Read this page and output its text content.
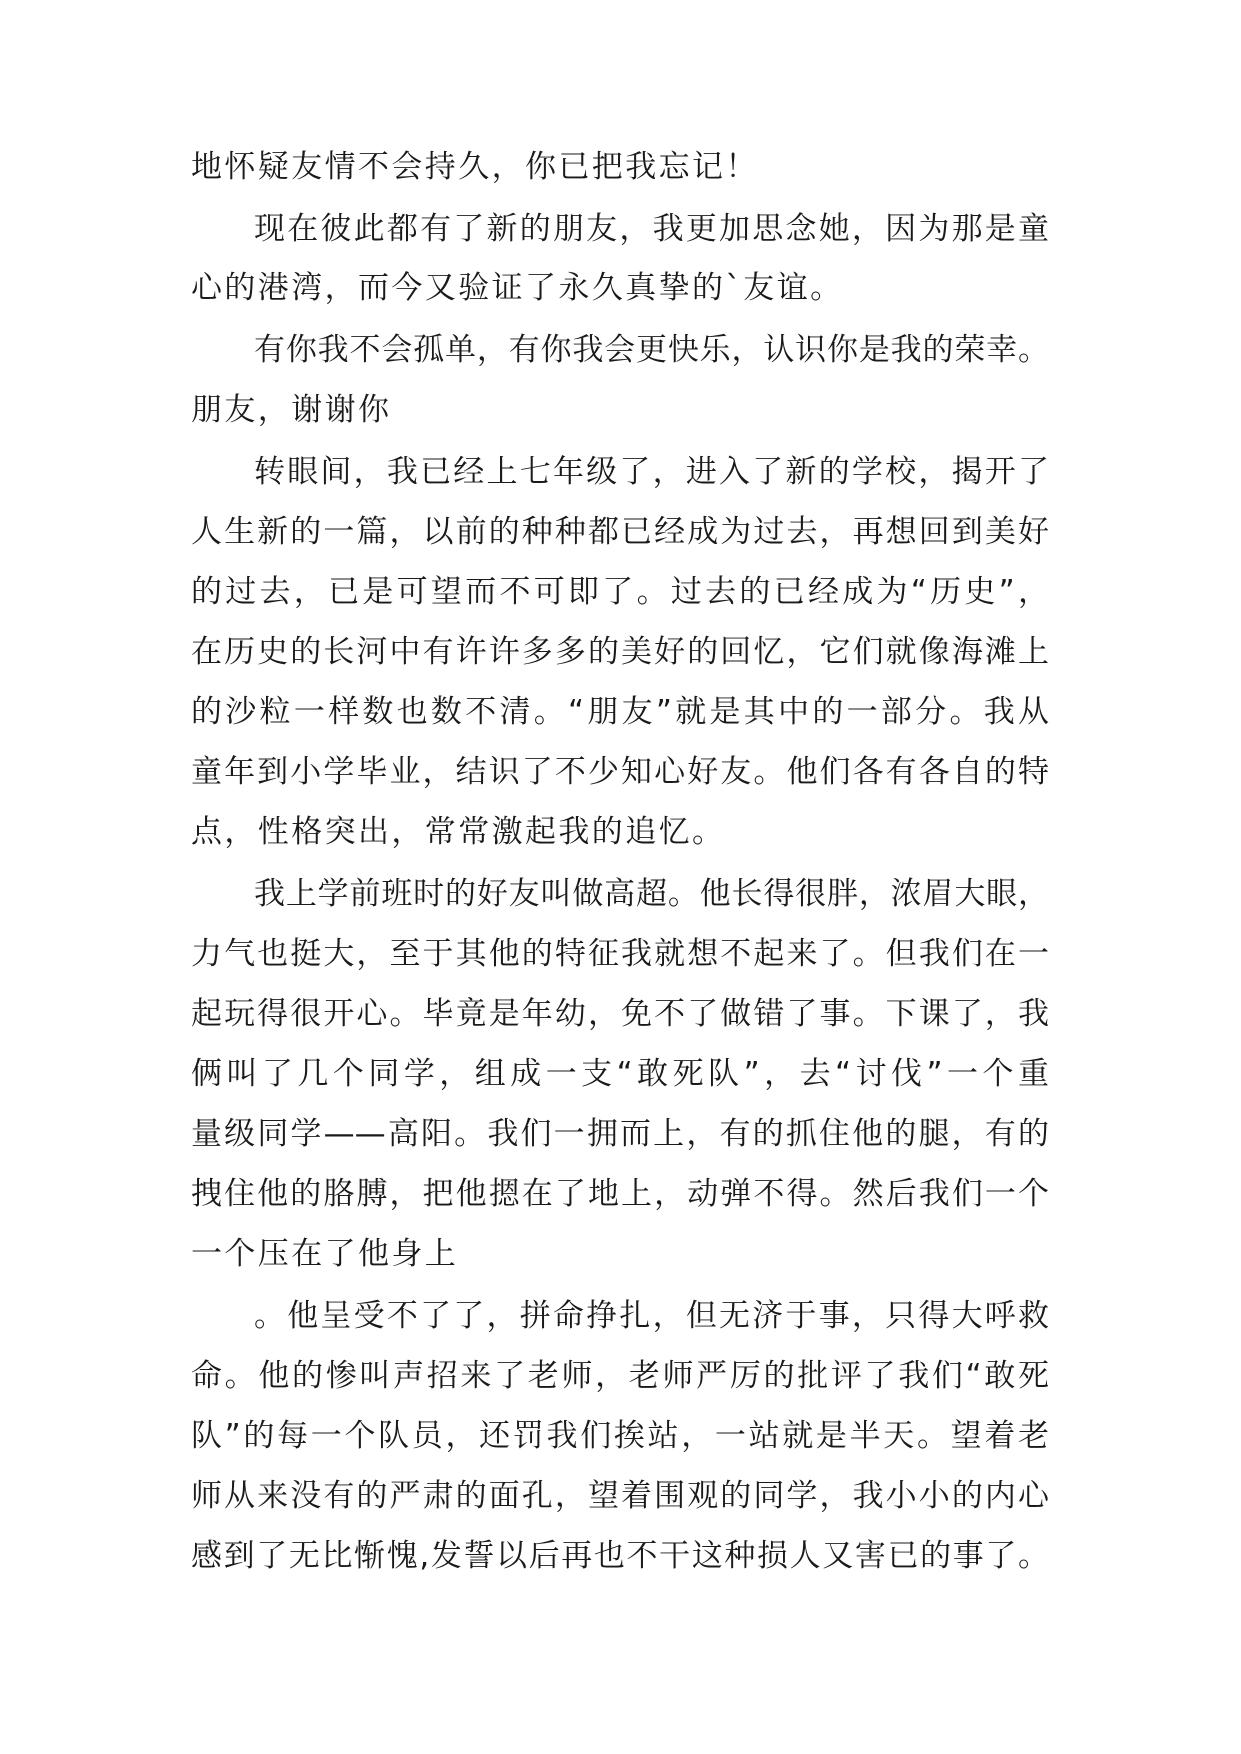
地怀疑友情不会持久，你已把我忘记！
现在彼此都有了新的朋友，我更加思念她，因为那是童
心的港湾，而今又验证了永久真挚的`友谊。
有你我不会孤单，有你我会更快乐，认识你是我的荣幸。
朋友，谢谢你
转眼间，我已经上七年级了，进入了新的学校，揭开了
人生新的一篇，以前的种种都已经成为过去，再想回到美好
的过去，已是可望而不可即了。过去的已经成为“历史”，
在历史的长河中有许许多多的美好的回忆，它们就像海滩上
的沙粒一样数也数不清。“朋友”就是其中的一部分。我从
童年到小学毕业，结识了不少知心好友。他们各有各自的特
点，性格突出，常常激起我的追忆。
我上学前班时的好友叫做高超。他长得很胖，浓眉大眼，
力气也挺大，至于其他的特征我就想不起来了。但我们在一
起玩得很开心。毕竟是年幼，免不了做错了事。下课了，我
俩叫了几个同学，组成一支“敢死队”，去“讨伐”一个重
量级同学——高阳。我们一拥而上，有的抓住他的腿，有的
拽住他的胳膊，把他摁在了地上，动弹不得。然后我们一个
一个压在了他身上
。他呈受不了了，拼命挣扎，但无济于事，只得大呼救
命。他的惨叫声招来了老师，老师严厉的批评了我们“敢死
队”的每一个队员，还罚我们挨站，一站就是半天。望着老
师从来没有的严肃的面孔，望着围观的同学，我小小的内心
感到了无比惭愧,发誓以后再也不干这种损人又害已的事了。
